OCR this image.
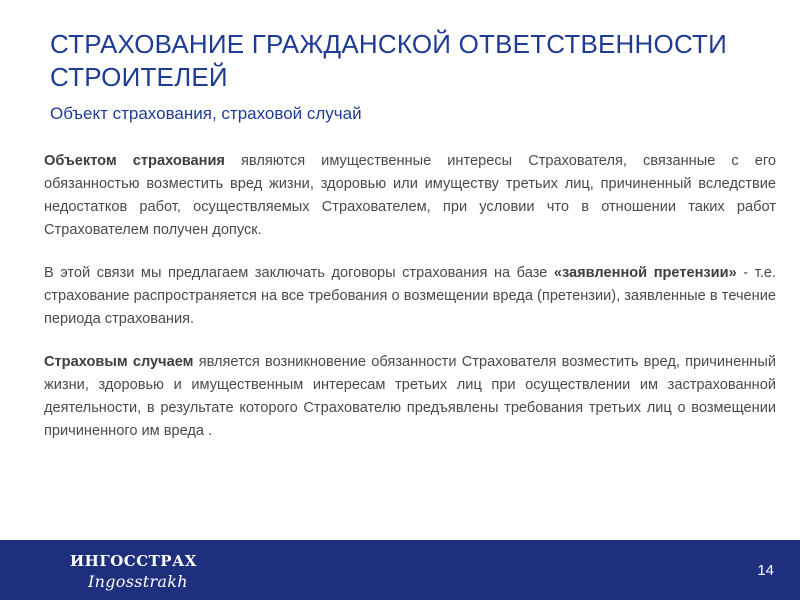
СТРАХОВАНИЕ ГРАЖДАНСКОЙ ОТВЕТСТВЕННОСТИ СТРОИТЕЛЕЙ

Объект страхования, страховой случай

Объектом страхования являются имущественные интересы Страхователя, связанные с его обязанностью возместить вред жизни, здоровью или имуществу третьих лиц, причиненный вследствие недостатков работ, осуществляемых Страхователем, при условии что в отношении таких работ Страхователем получен допуск.

В этой связи мы предлагаем заключать договоры страхования на базе «заявленной претензии» - т.е. страхование распространяется на все требования о возмещении вреда (претензии), заявленные в течение периода страхования.

Страховым случаем является возникновение обязанности Страхователя возместить вред, причиненный жизни, здоровью и имущественным интересам третьих лиц при осуществлении им застрахованной деятельности, в результате которого Страхователю предъявлены требования третьих лиц о возмещении причиненного им вреда .

ИНГОССТРАХ
Ingosstrakh
14
